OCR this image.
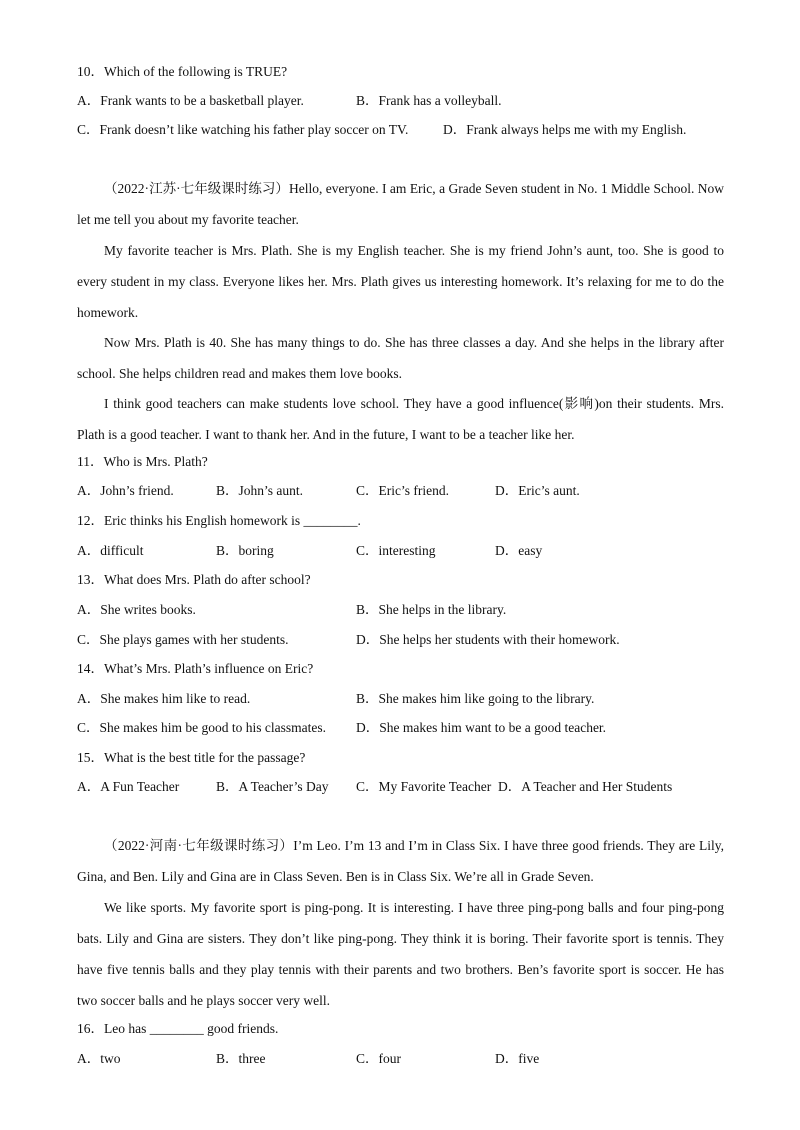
10．Which of the following is TRUE?
A．Frank wants to be a basketball player.	B．Frank has a volleyball.
C．Frank doesn’t like watching his father play soccer on TV.	D．Frank always helps me with my English.
（2022·江苏·七年级课时练习）Hello, everyone. I am Eric, a Grade Seven student in No. 1 Middle School. Now let me tell you about my favorite teacher.
My favorite teacher is Mrs. Plath. She is my English teacher. She is my friend John’s aunt, too. She is good to every student in my class. Everyone likes her. Mrs. Plath gives us interesting homework. It’s relaxing for me to do the homework.
Now Mrs. Plath is 40. She has many things to do. She has three classes a day. And she helps in the library after school. She helps children read and makes them love books.
I think good teachers can make students love school. They have a good influence(影响)on their students. Mrs. Plath is a good teacher. I want to thank her. And in the future, I want to be a teacher like her.
11．Who is Mrs. Plath?
A．John’s friend.	B．John’s aunt.	C．Eric’s friend.	D．Eric’s aunt.
12．Eric thinks his English homework is ________.
A．difficult	B．boring	C．interesting	D．easy
13．What does Mrs. Plath do after school?
A．She writes books.	B．She helps in the library.
C．She plays games with her students.	D．She helps her students with their homework.
14．What’s Mrs. Plath’s influence on Eric?
A．She makes him like to read.	B．She makes him like going to the library.
C．She makes him be good to his classmates. D．She makes him want to be a good teacher.
15．What is the best title for the passage?
A．A Fun Teacher	B．A Teacher’s Day C．My Favorite Teacher D．A Teacher and Her Students
（2022·河南·七年级课时练习）I’m Leo. I’m 13 and I’m in Class Six. I have three good friends. They are Lily, Gina, and Ben. Lily and Gina are in Class Seven. Ben is in Class Six. We’re all in Grade Seven.
We like sports. My favorite sport is ping-pong. It is interesting. I have three ping-pong balls and four ping-pong bats. Lily and Gina are sisters. They don’t like ping-pong. They think it is boring. Their favorite sport is tennis. They have five tennis balls and they play tennis with their parents and two brothers. Ben’s favorite sport is soccer. He has two soccer balls and he plays soccer very well.
16．Leo has ________ good friends.
A．two	B．three	C．four	D．five
